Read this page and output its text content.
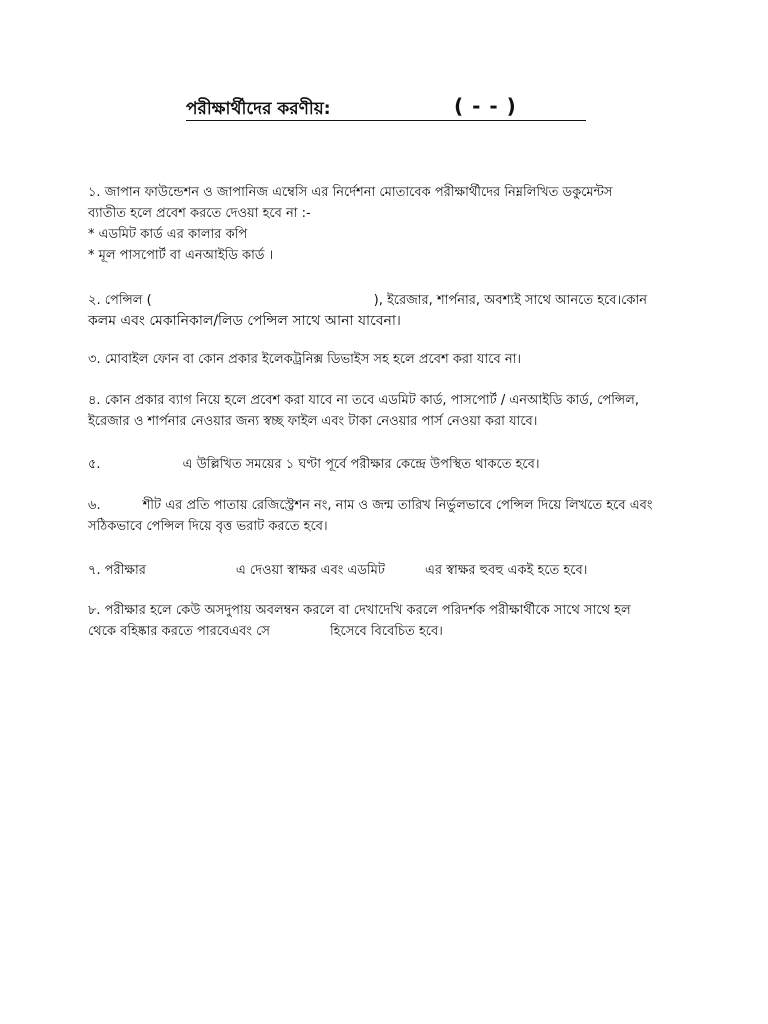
পরীক্ষার্থীদের করণীয়:	( - - )
১. জাপান ফাউন্ডেশন ও জাপানিজ এম্বেসি এর নির্দেশনা মোতাবেক পরীক্ষার্থীদের নিম্নলিখিত ডকুমেন্টস
ব্যাতীত হলে প্রবেশ করতে দেওয়া হবে না :-
* এডমিট কার্ড এর কালার কপি
* মূল পাসপোর্ট বা এনআইডি কার্ড ।
২. পেন্সিল (	), ইরেজার, শার্পনার, অবশ্যই সাথে আনতে হবে।কোন
কলম এবং মেকানিকাল/লিড পেন্সিল সাথে আনা যাবেনা।
৩. মোবাইল ফোন বা কোন প্রকার ইলেকট্রনিক্স ডিভাইস সহ হলে প্রবেশ করা যাবে না।
৪. কোন প্রকার ব্যাগ নিয়ে হলে প্রবেশ করা যাবে না তবে এডমিট কার্ড, পাসপোর্ট / এনআইডি কার্ড, পেন্সিল,
ইরেজার ও শার্পনার নেওয়ার জন্য স্বচ্ছ ফাইল এবং টাকা নেওয়ার পার্স নেওয়া করা যাবে।
৫.	এ উল্লিখিত সময়ের ১ ঘণ্টা পূর্বে পরীক্ষার কেন্দ্রে উপস্থিত থাকতে হবে।
৬.	শীট এর প্রতি পাতায় রেজিস্ট্রেশন নং, নাম ও জন্ম তারিখ নির্ভুলভাবে পেন্সিল দিয়ে লিখতে হবে এবং
সঠিকভাবে পেন্সিল দিয়ে বৃত্ত ভরাট করতে হবে।
৭. পরীক্ষার	এ দেওয়া স্বাক্ষর এবং এডমিট	এর স্বাক্ষর হুবহু একই হতে হবে।
৮. পরীক্ষার হলে কেউ অসদুপায় অবলম্বন করলে বা দেখাদেখি করলে পরিদর্শক পরীক্ষার্থীকে সাথে সাথে হল
থেকে বহিষ্কার করতে পারবেএবং সে	হিসেবে বিবেচিত হবে।
